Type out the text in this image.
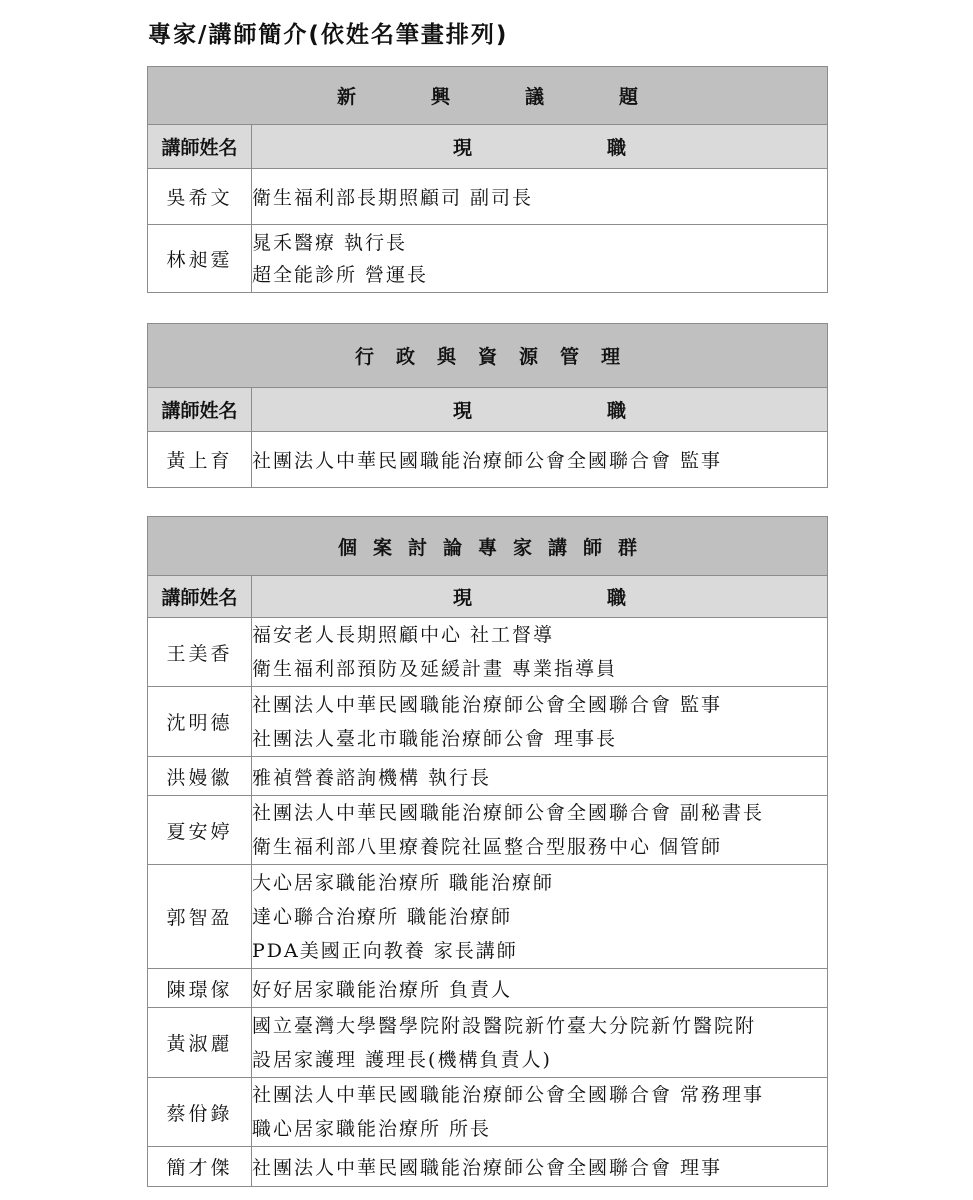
專家/講師簡介(依姓名筆畫排列)
新興議題	
講師姓名	現職
吳希文	衛生福利部長期照顧司 副司長

林昶霆	晁禾醫療 執行長
超全能診所 營運長
行政與資源管理	
講師姓名	現職
黃上育	社團法人中華民國職能治療師公會全國聯合會 監事
個案討論專家講師群	
講師姓名	現職
王美香	福安老人長期照顧中心 社工督導
衛生福利部預防及延緩計畫 專業指導員

沈明德	社團法人中華民國職能治療師公會全國聯合會 監事
社團法人臺北市職能治療師公會 理事長

洪嫚徽	雅禎營養諮詢機構 執行長

夏安婷	社團法人中華民國職能治療師公會全國聯合會 副秘書長
衛生福利部八里療養院社區整合型服務中心 個管師

郭智盈	大心居家職能治療所 職能治療師
達心聯合治療所 職能治療師
PDA美國正向教養 家長講師

陳璟傢	好好居家職能治療所 負責人

黃淑麗	國立臺灣大學醫學院附設醫院新竹臺大分院新竹醫院附
設居家護理 護理長(機構負責人)

蔡佾錄	社團法人中華民國職能治療師公會全國聯合會 常務理事
職心居家職能治療所 所長

簡才傑	社團法人中華民國職能治療師公會全國聯合會 理事
